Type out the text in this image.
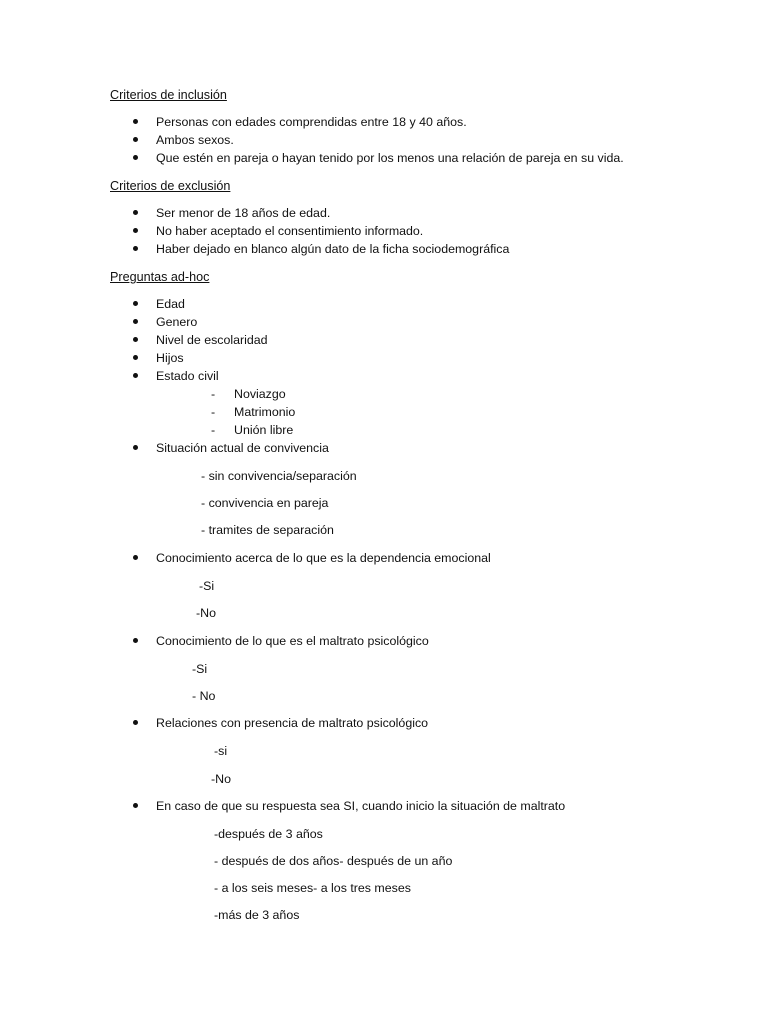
Criterios de inclusión
Personas con edades comprendidas entre 18 y 40 años.
Ambos sexos.
Que estén en pareja o hayan tenido por los menos una relación de pareja en su vida.
Criterios de exclusión
Ser menor de 18 años de edad.
No haber aceptado el consentimiento informado.
Haber dejado en blanco algún dato de la ficha sociodemográfica
Preguntas ad-hoc
Edad
Genero
Nivel de escolaridad
Hijos
Estado civil
- Noviazgo
- Matrimonio
- Unión libre
Situación actual de convivencia
- sin convivencia/separación
- convivencia en pareja
- tramites de separación
Conocimiento acerca de lo que es la dependencia emocional
-Si
-No
Conocimiento de lo que es el maltrato psicológico
-Si
- No
Relaciones con presencia de maltrato psicológico
-si
-No
En caso de que su respuesta sea SI, cuando inicio la situación de maltrato
-después de 3 años
- después de dos años- después de un año
- a los seis meses- a los tres meses
-más de 3 años
